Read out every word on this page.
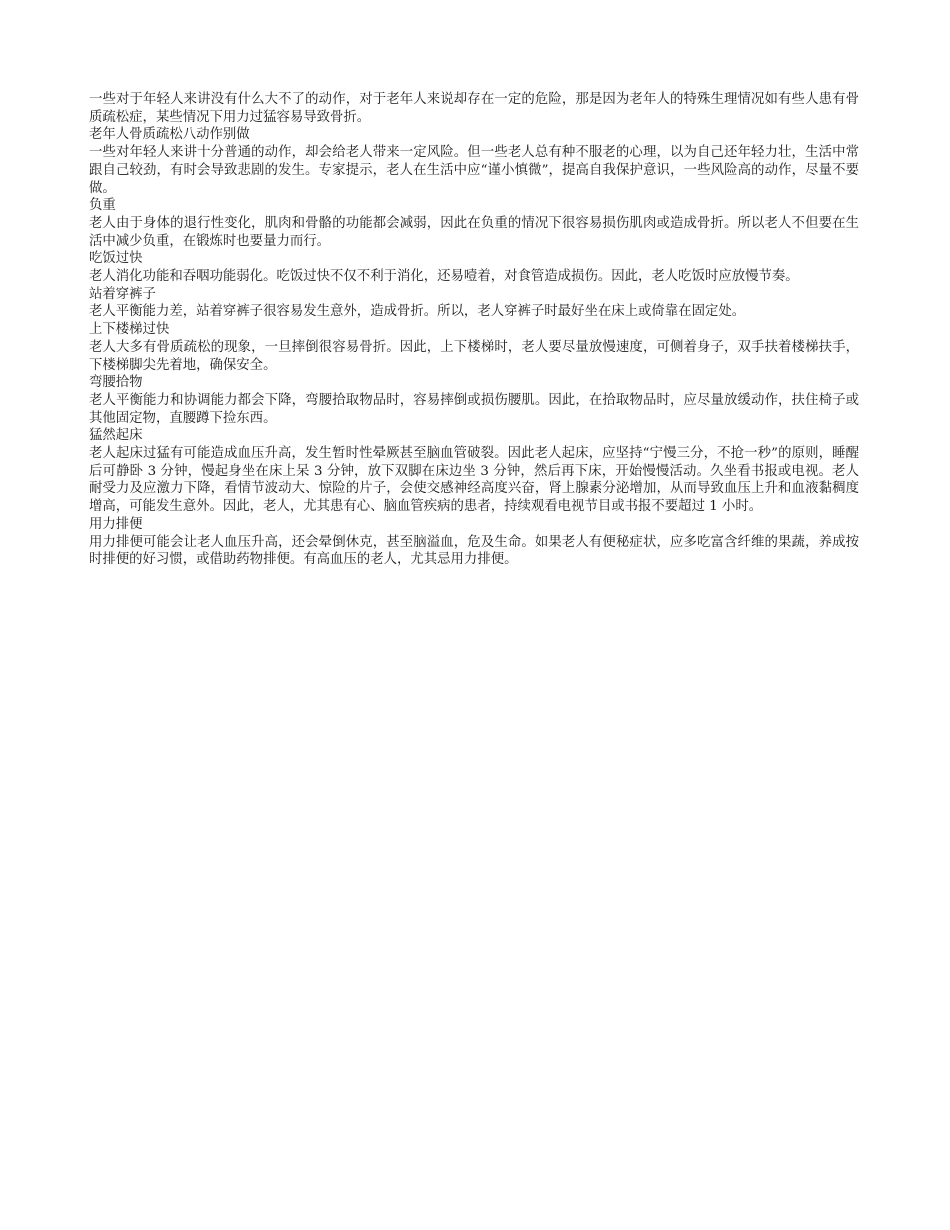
一些对于年轻人来讲没有什么大不了的动作，对于老年人来说却存在一定的危险，那是因为老年人的特殊生理情况如有些人患有骨质疏松症，某些情况下用力过猛容易导致骨折。

老年人骨质疏松八动作别做

一些对年轻人来讲十分普通的动作，却会给老人带来一定风险。但一些老人总有种不服老的心理，以为自己还年轻力壮，生活中常跟自己较劲，有时会导致悲剧的发生。专家提示，老人在生活中应“谨小慎微”，提高自我保护意识，一些风险高的动作，尽量不要做。

负重

老人由于身体的退行性变化，肌肉和骨骼的功能都会减弱，因此在负重的情况下很容易损伤肌肉或造成骨折。所以老人不但要在生活中减少负重，在锻炼时也要量力而行。

吃饭过快

老人消化功能和吞咽功能弱化。吃饭过快不仅不利于消化，还易噎着，对食管造成损伤。因此，老人吃饭时应放慢节奏。

站着穿裤子

老人平衡能力差，站着穿裤子很容易发生意外，造成骨折。所以，老人穿裤子时最好坐在床上或倚靠在固定处。

上下楼梯过快

老人大多有骨质疏松的现象，一旦摔倒很容易骨折。因此，上下楼梯时，老人要尽量放慢速度，可侧着身子，双手扶着楼梯扶手，下楼梯脚尖先着地，确保安全。

弯腰拾物

老人平衡能力和协调能力都会下降，弯腰拾取物品时，容易摔倒或损伤腰肌。因此，在拾取物品时，应尽量放缓动作，扶住椅子或其他固定物，直腰蹲下捡东西。

猛然起床

老人起床过猛有可能造成血压升高，发生暂时性晕厥甚至脑血管破裂。因此老人起床，应坚持“宁慢三分，不抢一秒”的原则，睡醒后可静卧 3 分钟，慢起身坐在床上呆 3 分钟，放下双脚在床边坐 3 分钟，然后再下床，开始慢慢活动。久坐看书报或电视。老人耐受力及应激力下降，看情节波动大、惊险的片子，会使交感神经高度兴奋，肾上腺素分泌增加，从而导致血压上升和血液黏稠度增高，可能发生意外。因此，老人，尤其患有心、脑血管疾病的患者，持续观看电视节目或书报不要超过 1 小时。

用力排便

用力排便可能会让老人血压升高，还会晕倒休克，甚至脑溢血，危及生命。如果老人有便秘症状，应多吃富含纤维的果蔬，养成按时排便的好习惯，或借助药物排便。有高血压的老人，尤其忌用力排便。
